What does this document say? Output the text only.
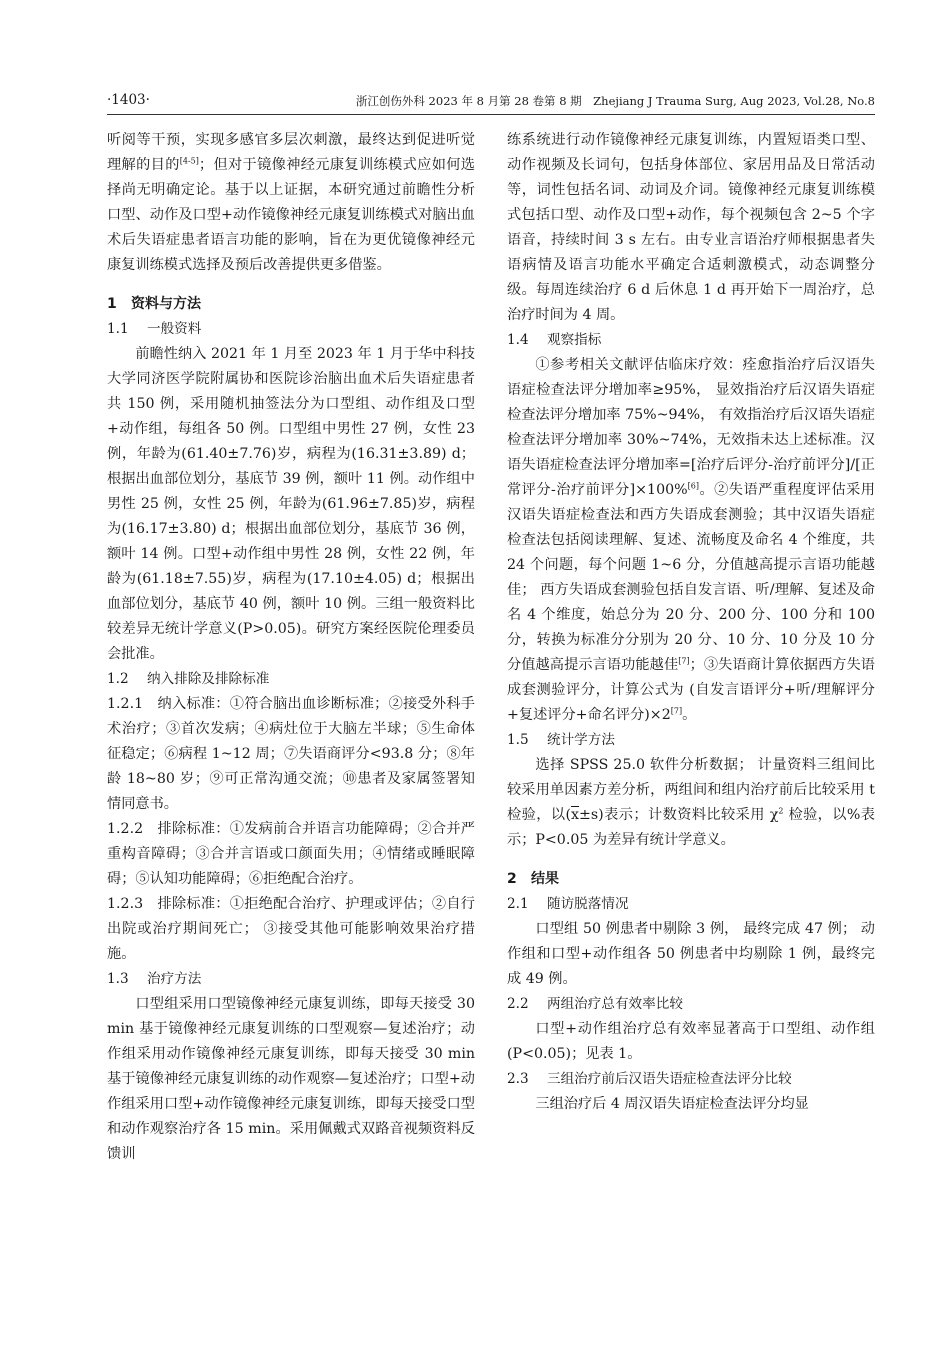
·1403·	浙江创伤外科 2023 年 8 月第 28 卷第 8 期　Zhejiang J Trauma Surg, Aug 2023, Vol.28, No.8

听阅等干预，实现多感官多层次刺激，最终达到促进听觉理解的目的[4-5]；但对于镜像神经元康复训练模式应如何选择尚无明确定论。基于以上证据，本研究通过前瞻性分析口型、动作及口型+动作镜像神经元康复训练模式对脑出血术后失语症患者语言功能的影响，旨在为更优镜像神经元康复训练模式选择及预后改善提供更多借鉴。

1 资料与方法
1.1 一般资料

前瞻性纳入 2021 年 1 月至 2023 年 1 月于华中科技大学同济医学院附属协和医院诊治脑出血术后失语症患者共 150 例，采用随机抽签法分为口型组、动作组及口型+动作组，每组各 50 例。口型组中男性 27 例，女性 23 例，年龄为(61.40±7.76)岁，病程为(16.31±3.89) d；根据出血部位划分，基底节 39 例，额叶 11 例。动作组中男性 25 例，女性 25 例，年龄为(61.96±7.85)岁，病程为(16.17±3.80) d；根据出血部位划分，基底节 36 例，额叶 14 例。口型+动作组中男性 28 例，女性 22 例，年龄为(61.18±7.55)岁，病程为(17.10±4.05) d；根据出血部位划分，基底节 40 例，额叶 10 例。三组一般资料比较差异无统计学意义(P>0.05)。研究方案经医院伦理委员会批准。

1.2 纳入排除及排除标准

1.2.1 纳入标准：①符合脑出血诊断标准；②接受外科手术治疗；③首次发病；④病灶位于大脑左半球；⑤生命体征稳定；⑥病程 1~12 周；⑦失语商评分<93.8 分；⑧年龄 18~80 岁；⑨可正常沟通交流；⑩患者及家属签署知情同意书。

1.2.2 排除标准：①发病前合并语言功能障碍；②合并严重构音障碍；③合并言语或口颜面失用；④情绪或睡眠障碍；⑤认知功能障碍；⑥拒绝配合治疗。

1.2.3 排除标准：①拒绝配合治疗、护理或评估；②自行出院或治疗期间死亡； ③接受其他可能影响效果治疗措施。

1.3 治疗方法

口型组采用口型镜像神经元康复训练，即每天接受 30 min 基于镜像神经元康复训练的口型观察—复述治疗；动作组采用动作镜像神经元康复训练，即每天接受 30 min 基于镜像神经元康复训练的动作观察—复述治疗；口型+动作组采用口型+动作镜像神经元康复训练，即每天接受口型和动作观察治疗各 15 min。采用佩戴式双路音视频资料反馈训

练系统进行动作镜像神经元康复训练，内置短语类口型、动作视频及长词句，包括身体部位、家居用品及日常活动等，词性包括名词、动词及介词。镜像神经元康复训练模式包括口型、动作及口型+动作，每个视频包含 2~5 个字语音，持续时间 3 s 左右。由专业言语治疗师根据患者失语病情及语言功能水平确定合适刺激模式，动态调整分级。每周连续治疗 6 d 后休息 1 d 再开始下一周治疗，总治疗时间为 4 周。

1.4 观察指标

①参考相关文献评估临床疗效：痊愈指治疗后汉语失语症检查法评分增加率≥95%， 显效指治疗后汉语失语症检查法评分增加率 75%~94%， 有效指治疗后汉语失语症检查法评分增加率 30%~74%，无效指未达上述标准。汉语失语症检查法评分增加率=[治疗后评分-治疗前评分]/[正常评分-治疗前评分]×100%[6]。②失语严重程度评估采用汉语失语症检查法和西方失语成套测验；其中汉语失语症检查法包括阅读理解、复述、流畅度及命名 4 个维度，共 24 个问题，每个问题 1~6 分，分值越高提示言语功能越佳； 西方失语成套测验包括自发言语、听/理解、复述及命名 4 个维度，始总分为 20 分、200 分、100 分和 100 分，转换为标准分分别为 20 分、10 分、10 分及 10 分分值越高提示言语功能越佳[7]；③失语商计算依据西方失语成套测验评分，计算公式为 (自发言语评分+听/理解评分+复述评分+命名评分)×2[7]。

1.5 统计学方法

选择 SPSS 25.0 软件分析数据； 计量资料三组间比较采用单因素方差分析，两组间和组内治疗前后比较采用 t 检验，以$(\overline{x}\pm s)$表示；计数资料比较采用 $\chi^2$ 检验，以%表示；P<0.05 为差异有统计学意义。

2 结果
2.1 随访脱落情况

口型组 50 例患者中剔除 3 例， 最终完成 47 例； 动作组和口型+动作组各 50 例患者中均剔除 1 例，最终完成 49 例。

2.2 两组治疗总有效率比较

口型+动作组治疗总有效率显著高于口型组、动作组(P<0.05)；见表 1。

2.3 三组治疗前后汉语失语症检查法评分比较

三组治疗后 4 周汉语失语症检查法评分均显
